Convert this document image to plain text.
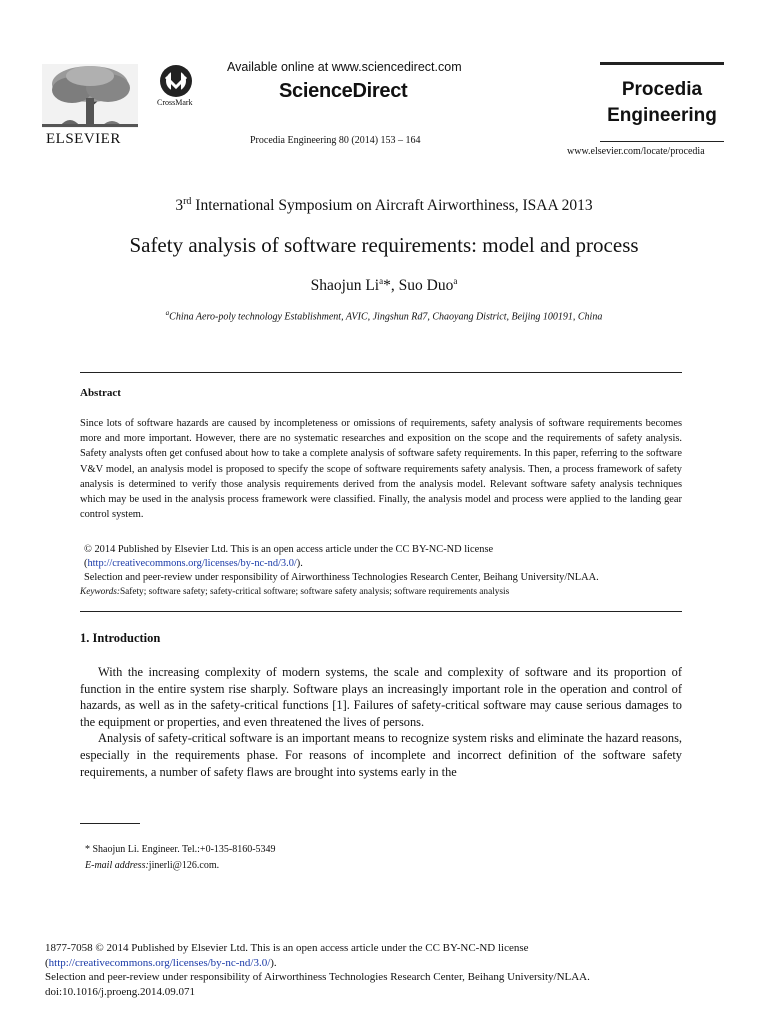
ELSEVIER
CrossMark
Available online at www.sciencedirect.com
ScienceDirect
Procedia Engineering 80 (2014) 153 – 164
Procedia
Engineering
www.elsevier.com/locate/procedia
3rd International Symposium on Aircraft Airworthiness, ISAA 2013
Safety analysis of software requirements: model and process
Shaojun Li$^a$*, Suo Duo$^a$
$^a$China Aero-poly technology Establishment, AVIC, Jingshun Rd7, Chaoyang District, Beijing 100191, China
Abstract
Since lots of software hazards are caused by incompleteness or omissions of requirements, safety analysis of software requirements becomes more and more important. However, there are no systematic researches and exposition on the scope and the requirements of safety analysis. Safety analysts often get confused about how to take a complete analysis of software safety requirements. In this paper, referring to the software V&V model, an analysis model is proposed to specify the scope of software requirements safety analysis. Then, a process framework of safety analysis is determined to verify those analysis requirements derived from the analysis model. Relevant software safety analysis techniques which may be used in the analysis process framework were classified. Finally, the analysis model and process were applied to the landing gear control system.
© 2014 Published by Elsevier Ltd. This is an open access article under the CC BY-NC-ND license
(http://creativecommons.org/licenses/by-nc-nd/3.0/).
Selection and peer-review under responsibility of Airworthiness Technologies Research Center, Beihang University/NLAA.
Keywords:Safety; software safety; safety-critical software; software safety analysis; software requirements analysis
1. Introduction

With the increasing complexity of modern systems, the scale and complexity of software and its proportion of function in the entire system rise sharply. Software plays an increasingly important role in the operation and control of hazards, as well as in the safety-critical functions [1]. Failures of safety-critical software may cause serious damages to the equipment or properties, and even threatened the lives of persons.

Analysis of safety-critical software is an important means to recognize system risks and eliminate the hazard reasons, especially in the requirements phase. For reasons of incomplete and incorrect definition of the software safety requirements, a number of safety flaws are brought into systems early in the

* Shaojun Li. Engineer. Tel.:+0-135-8160-5349
E-mail address:jinerli@126.com.
1877-7058 © 2014 Published by Elsevier Ltd. This is an open access article under the CC BY-NC-ND license
(http://creativecommons.org/licenses/by-nc-nd/3.0/).
Selection and peer-review under responsibility of Airworthiness Technologies Research Center, Beihang University/NLAA.
doi:10.1016/j.proeng.2014.09.071
